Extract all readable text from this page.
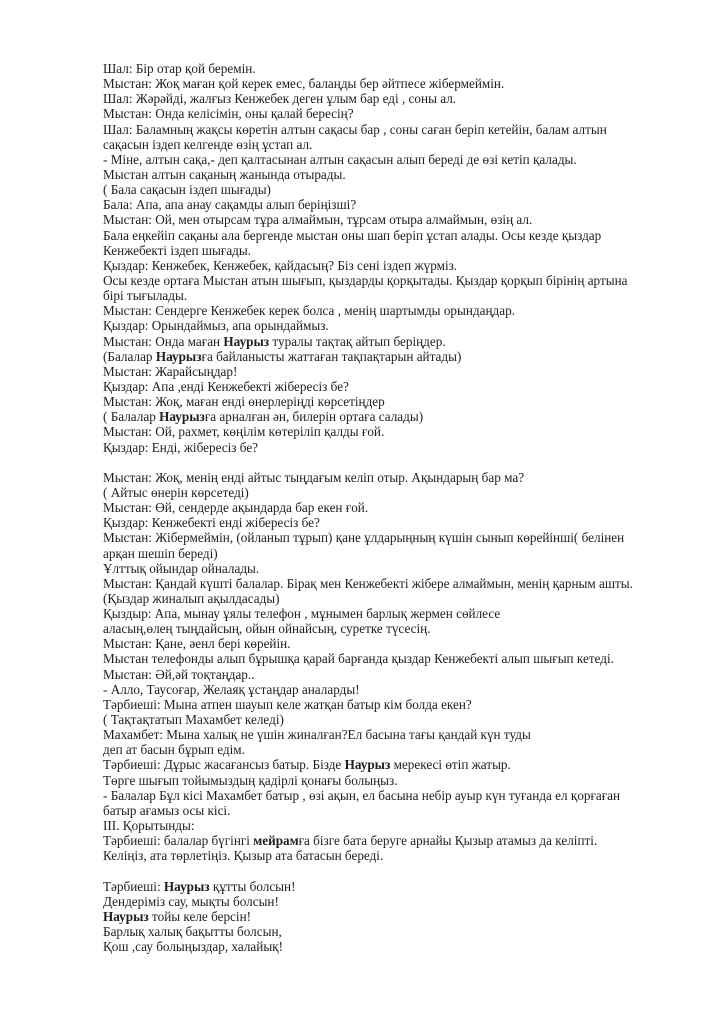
Шал: Бір отар қой беремін.
Мыстан: Жоқ маған қой керек емес, балаңды бер әйтпесе жібермеймін.
Шал: Жәрәйді, жалғыз Кенжебек деген ұлым бар еді , соны ал.
Мыстан: Онда келісімін, оны қалай бересің?
Шал: Баламның жақсы көретін алтын сақасы бар , соны саған беріп кетейін, балам алтын
сақасын іздеп келгенде өзің ұстап ал.
- Міне, алтын сақа,- деп қалтасынан алтын сақасын алып береді де өзі кетіп қалады.
Мыстан алтын сақаның жанында отырады.
( Бала сақасын іздеп шығады)
Бала: Апа, апа анау сақамды алып беріңізші?
Мыстан: Ой, мен отырсам тұра алмаймын, тұрсам отыра алмаймын, өзің ал.
Бала еңкейіп сақаны ала бергенде мыстан оны шап беріп ұстап алады. Осы кезде қыздар
Кенжебекті іздеп шығады.
Қыздар: Кенжебек, Кенжебек, қайдасың? Біз сені іздеп жүрміз.
Осы кезде ортаға Мыстан атын шығып, қыздарды қорқытады. Қыздар қорқып бірінің артына
бірі тығылады.
Мыстан: Сендерге Кенжебек керек болса , менің шартымды орындаңдар.
Қыздар: Орындаймыз, апа орындаймыз.
Мыстан: Онда маған Наурыз туралы тақтақ айтып беріңдер.
(Балалар Наурызға байланысты жаттаған тақпақтарын айтады)
Мыстан: Жарайсыңдар!
Қыздар: Апа ,енді Кенжебекті жібересіз бе?
Мыстан: Жоқ, маған енді өнерлеріңді көрсетіңдер
( Балалар Наурызға арналған ән, билерін ортаға салады)
Мыстан: Ой, рахмет, көңілім көтеріліп қалды ғой.
Қыздар: Енді, жібересіз бе?
Мыстан: Жоқ, менің енді айтыс тыңдағым келіп отыр. Ақындарың бар ма?
( Айтыс өнерін көрсетеді)
Мыстан: Өй, сендерде ақындарда бар екен ғой.
Қыздар: Кенжебекті енді жібересіз бе?
Мыстан: Жібермеймін, (ойланып тұрып) қане ұлдарыңның күшін сынып көрейінші( белінен
арқан шешіп береді)
Ұлттық ойындар ойналады.
Мыстан: Қандай күшті балалар. Бірақ мен Кенжебекті жібере алмаймын, менің қарным ашты.
(Қыздар жиналып ақылдасады)
Қыздыр: Апа, мынау ұялы телефон , мұнымен барлық жермен сөйлесе
аласың,өлең тыңдайсың, ойын ойнайсың, суретке түсесің.
Мыстан: Қане, әенл бері көрейін.
Мыстан телефонды алып бұрышқа қарай барғанда қыздар Кенжебекті алып шығып кетеді.
Мыстан: Әй,әй тоқтаңдар..
- Алло, Таусоғар, Желаяқ ұстаңдар аналарды!
Тәрбиеші: Мына атпен шауып келе жатқан батыр кім болда екен?
( Тақтақтатып Махамбет келеді)
Махамбет: Мына халық не үшін жиналған?Ел басына тағы қандай күн туды
деп ат басын бұрып едім.
Тәрбиеші: Дұрыс жасағансыз батыр. Бізде Наурыз мерекесі өтіп жатыр.
Төрге шығып тойымыздың қадірлі қонағы болыңыз.
- Балалар Бұл кісі Махамбет батыр , өзі ақын, ел басына небір ауыр күн туғанда ел қорғаған
батыр ағамыз осы кісі.
ІІІ. Қорытынды:
Тәрбиеші: балалар бүгінгі мейрамға бізге бата беруге арнайы Қызыр атамыз да келіпті.
Келіңіз, ата төрлетіңіз. Қызыр ата батасын береді.
Тәрбиеші: Наурыз құтты болсын!
Дендеріміз сау, мықты болсын!
Наурыз тойы келе берсін!
Барлық халық бақытты болсын,
Қош ,сау болыңыздар, халайық!
